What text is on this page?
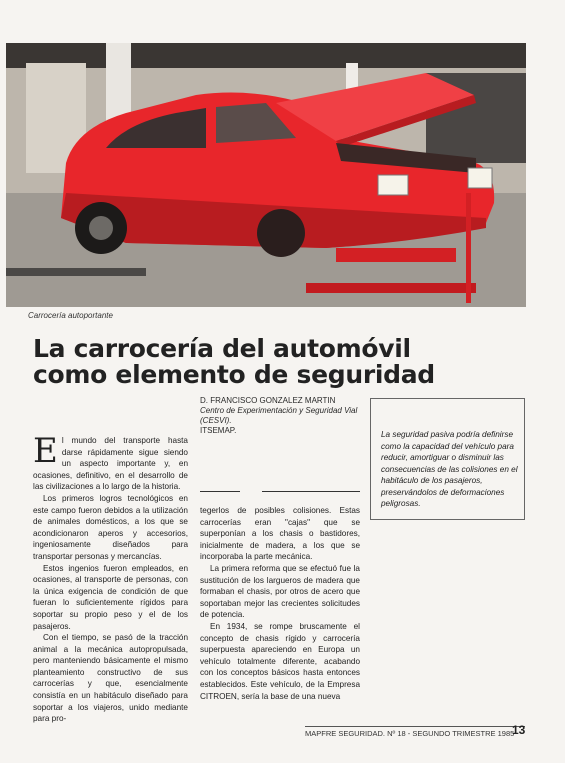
Carrocería autoportante
La carrocería del automóvil como elemento de seguridad
D. FRANCISCO GONZALEZ MARTIN
Centro de Experimentación y Seguridad Vial (CESVI).
ITSEMAP.	La seguridad pasiva podría definirse como la capacidad del vehículo para reducir, amortiguar o disminuir las consecuencias de las colisiones en el habitáculo de los pasajeros, preservándolos de deformaciones peligrosas.

El mundo del transporte hasta darse rápidamente sigue siendo un aspecto importante y, en ocasiones, definitivo, en el desarrollo de las civilizaciones a lo largo de la historia.

Los primeros logros tecnológicos en este campo fueron debidos a la utilización de animales domésticos, a los que se acondicionaron aperos y accesorios, ingeniosamente diseñados para transportar personas y mercancías.

Estos ingenios fueron empleados, en ocasiones, al transporte de personas, con la única exigencia de condición de que fueran lo suficientemente rígidos para soportar su propio peso y el de los pasajeros.

Con el tiempo, se pasó de la tracción animal a la mecánica autopropulsada, pero manteniendo básicamente el mismo planteamiento constructivo de sus carrocerías y que, esencialmente consistía en un habitáculo diseñado para soportar a los viajeros, unido mediante para pro-

tegerlos de posibles colisiones. Estas carrocerías eran "cajas" que se superponían a los chasis o bastidores, inicialmente de madera, a los que se incorporaba la parte mecánica.

La primera reforma que se efectuó fue la sustitución de los largueros de madera que formaban el chasis, por otros de acero que soportaban mejor las crecientes solicitudes de potencia.

En 1934, se rompe bruscamente el concepto de chasis rígido y carrocería superpuesta apareciendo en Europa un vehículo totalmente diferente, acabando con los conceptos básicos hasta entonces establecidos. Este vehículo, de la Empresa CITROEN, sería la base de una nueva

MAPFRE SEGURIDAD. Nº 18 - SEGUNDO TRIMESTRE 1985
13
